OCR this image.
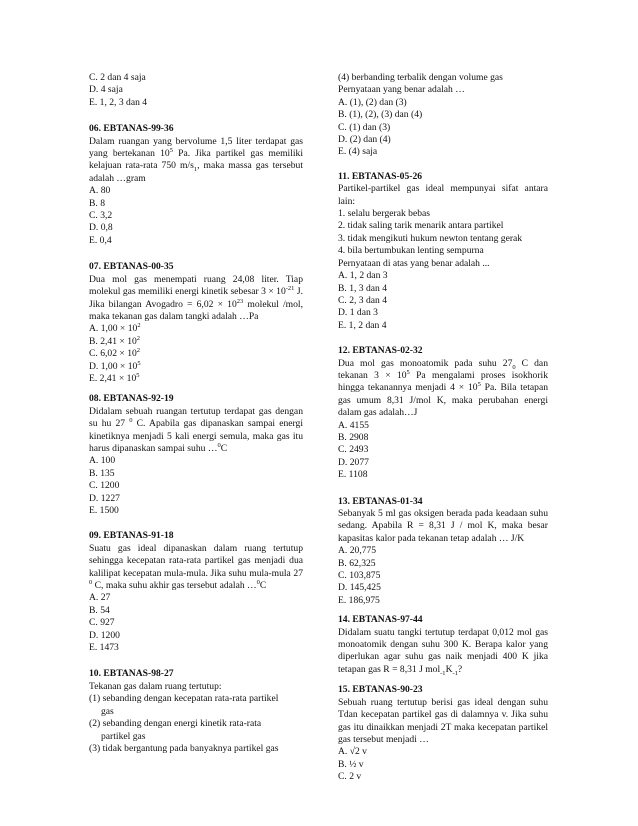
C. 2 dan 4 saja
D. 4 saja
E. 1, 2, 3 dan 4
06. EBTANAS-99-36
Dalam ruangan yang bervolume 1,5 liter terdapat gas yang bertekanan $10^5$ Pa. Jika partikel gas memiliki kelajuan rata-rata 750 $m/s_1$, maka massa gas tersebut adalah …gram
A. 80
B. 8
C. 3,2
D. 0,8
E. 0,4
07. EBTANAS-00-35
Dua mol gas menempati ruang 24,08 liter. Tiap molekul gas memiliki energi kinetik sebesar $3 \times 10^{-21}$ J. Jika bilangan Avogadro = $6,02 \times 10^{23}$ molekul /mol, maka tekanan gas dalam tangki adalah …Pa
A. $1,00 \times 10^2$
B. $2,41 \times 10^2$
C. $6,02 \times 10^2$
D. $1,00 \times 10^5$
E. $2,41 \times 10^5$
08. EBTANAS-92-19
Didalam sebuah ruangan tertutup terdapat gas dengan su hu 27 $^0$ C. Apabila gas dipanaskan sampai energi kinetiknya menjadi 5 kali energi semula, maka gas itu harus dipanaskan sampai suhu …$^0$C
A. 100
B. 135
C. 1200
D. 1227
E. 1500
09. EBTANAS-91-18
Suatu gas ideal dipanaskan dalam ruang tertutup sehingga kecepatan rata-rata partikel gas menjadi dua kalilipat kecepatan mula-mula. Jika suhu mula-mula 27 $^0$ C, maka suhu akhir gas tersebut adalah …$^0$C
A. 27
B. 54
C. 927
D. 1200
E. 1473
10. EBTANAS-98-27
Tekanan gas dalam ruang tertutup:
(1) sebanding dengan kecepatan rata-rata partikel
gas
(2) sebanding dengan energi kinetik rata-rata
partikel gas
(3) tidak bergantung pada banyaknya partikel gas
(4) berbanding terbalik dengan volume gas
Pernyataan yang benar adalah …
A. (1), (2) dan (3)
B. (1), (2), (3) dan (4)
C. (1) dan (3)
D. (2) dan (4)
E. (4) saja
11. EBTANAS-05-26
Partikel-partikel gas ideal mempunyai sifat antara lain:
1. selalu bergerak bebas
2. tidak saling tarik menarik antara partikel
3. tidak mengikuti hukum newton tentang gerak
4. bila bertumbukan lenting sempurna
Pernyataan di atas yang benar adalah ...
A. 1, 2 dan 3
B. 1, 3 dan 4
C. 2, 3 dan 4
D. 1 dan 3
E. 1, 2 dan 4
12. EBTANAS-02-32
Dua mol gas monoatomik pada suhu $27_0$ C dan tekanan $3 \times 10^5$ Pa mengalami proses isokhorik hingga tekanannya menjadi $4 \times 10^5$ Pa. Bila tetapan gas umum 8,31 J/mol K, maka perubahan energi dalam gas adalah…J
A. 4155
B. 2908
C. 2493
D. 2077
E. 1108
13. EBTANAS-01-34
Sebanyak 5 ml gas oksigen berada pada keadaan suhu sedang. Apabila R = 8,31 J / mol K, maka besar kapasitas kalor pada tekanan tetap adalah … J/K
A. 20,775
B. 62,325
C. 103,875
D. 145,425
E. 186,975
14. EBTANAS-97-44
Didalam suatu tangki tertutup terdapat 0,012 mol gas monoatomik dengan suhu 300 K. Berapa kalor yang diperlukan agar suhu gas naik menjadi 400 K jika tetapan gas R = 8,31 J $mol_{-1}K_{-1}$?
15. EBTANAS-90-23
Sebuah ruang tertutup berisi gas ideal dengan suhu Tdan kecepatan partikel gas di dalamnya v. Jika suhu gas itu dinaikkan menjadi 2T maka kecepatan partikel gas tersebut menjadi …
A. √2 v
B. ½ v
C. 2 v
